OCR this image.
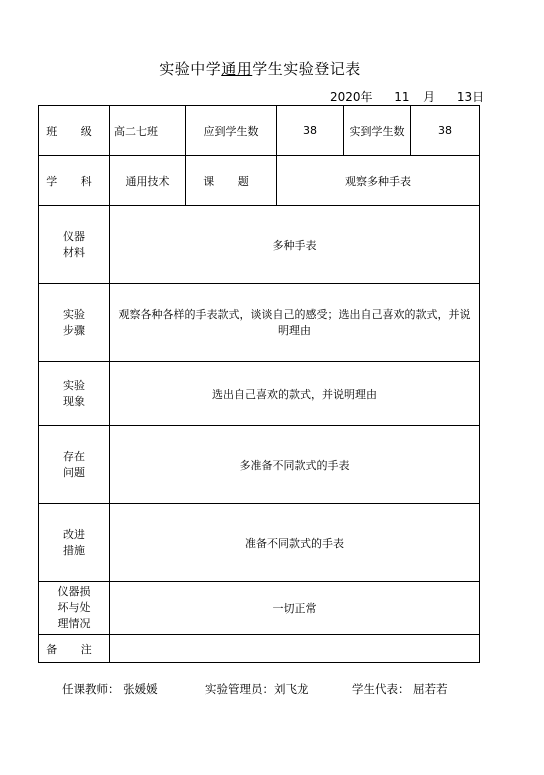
实验中学通用学生实验登记表
2020年 11 月 13日
班 级	高二七班	应到学生数	38	实到学生数	38
学 科	通用技术	课 题	观察多种手表		
仪器
材料	多种手表				
实验
步骤	观察各种各样的手表款式，谈谈自己的感受；选出自己喜欢的款式，并说明理由				
实验
现象	选出自己喜欢的款式，并说明理由				
存在
问题	多准备不同款式的手表				
改进
措施	准备不同款式的手表				
仪器损
坏与处
理情况	一切正常				
备 注					
任课教师： 张媛媛	实验管理员：刘飞龙	学生代表： 屈若若
